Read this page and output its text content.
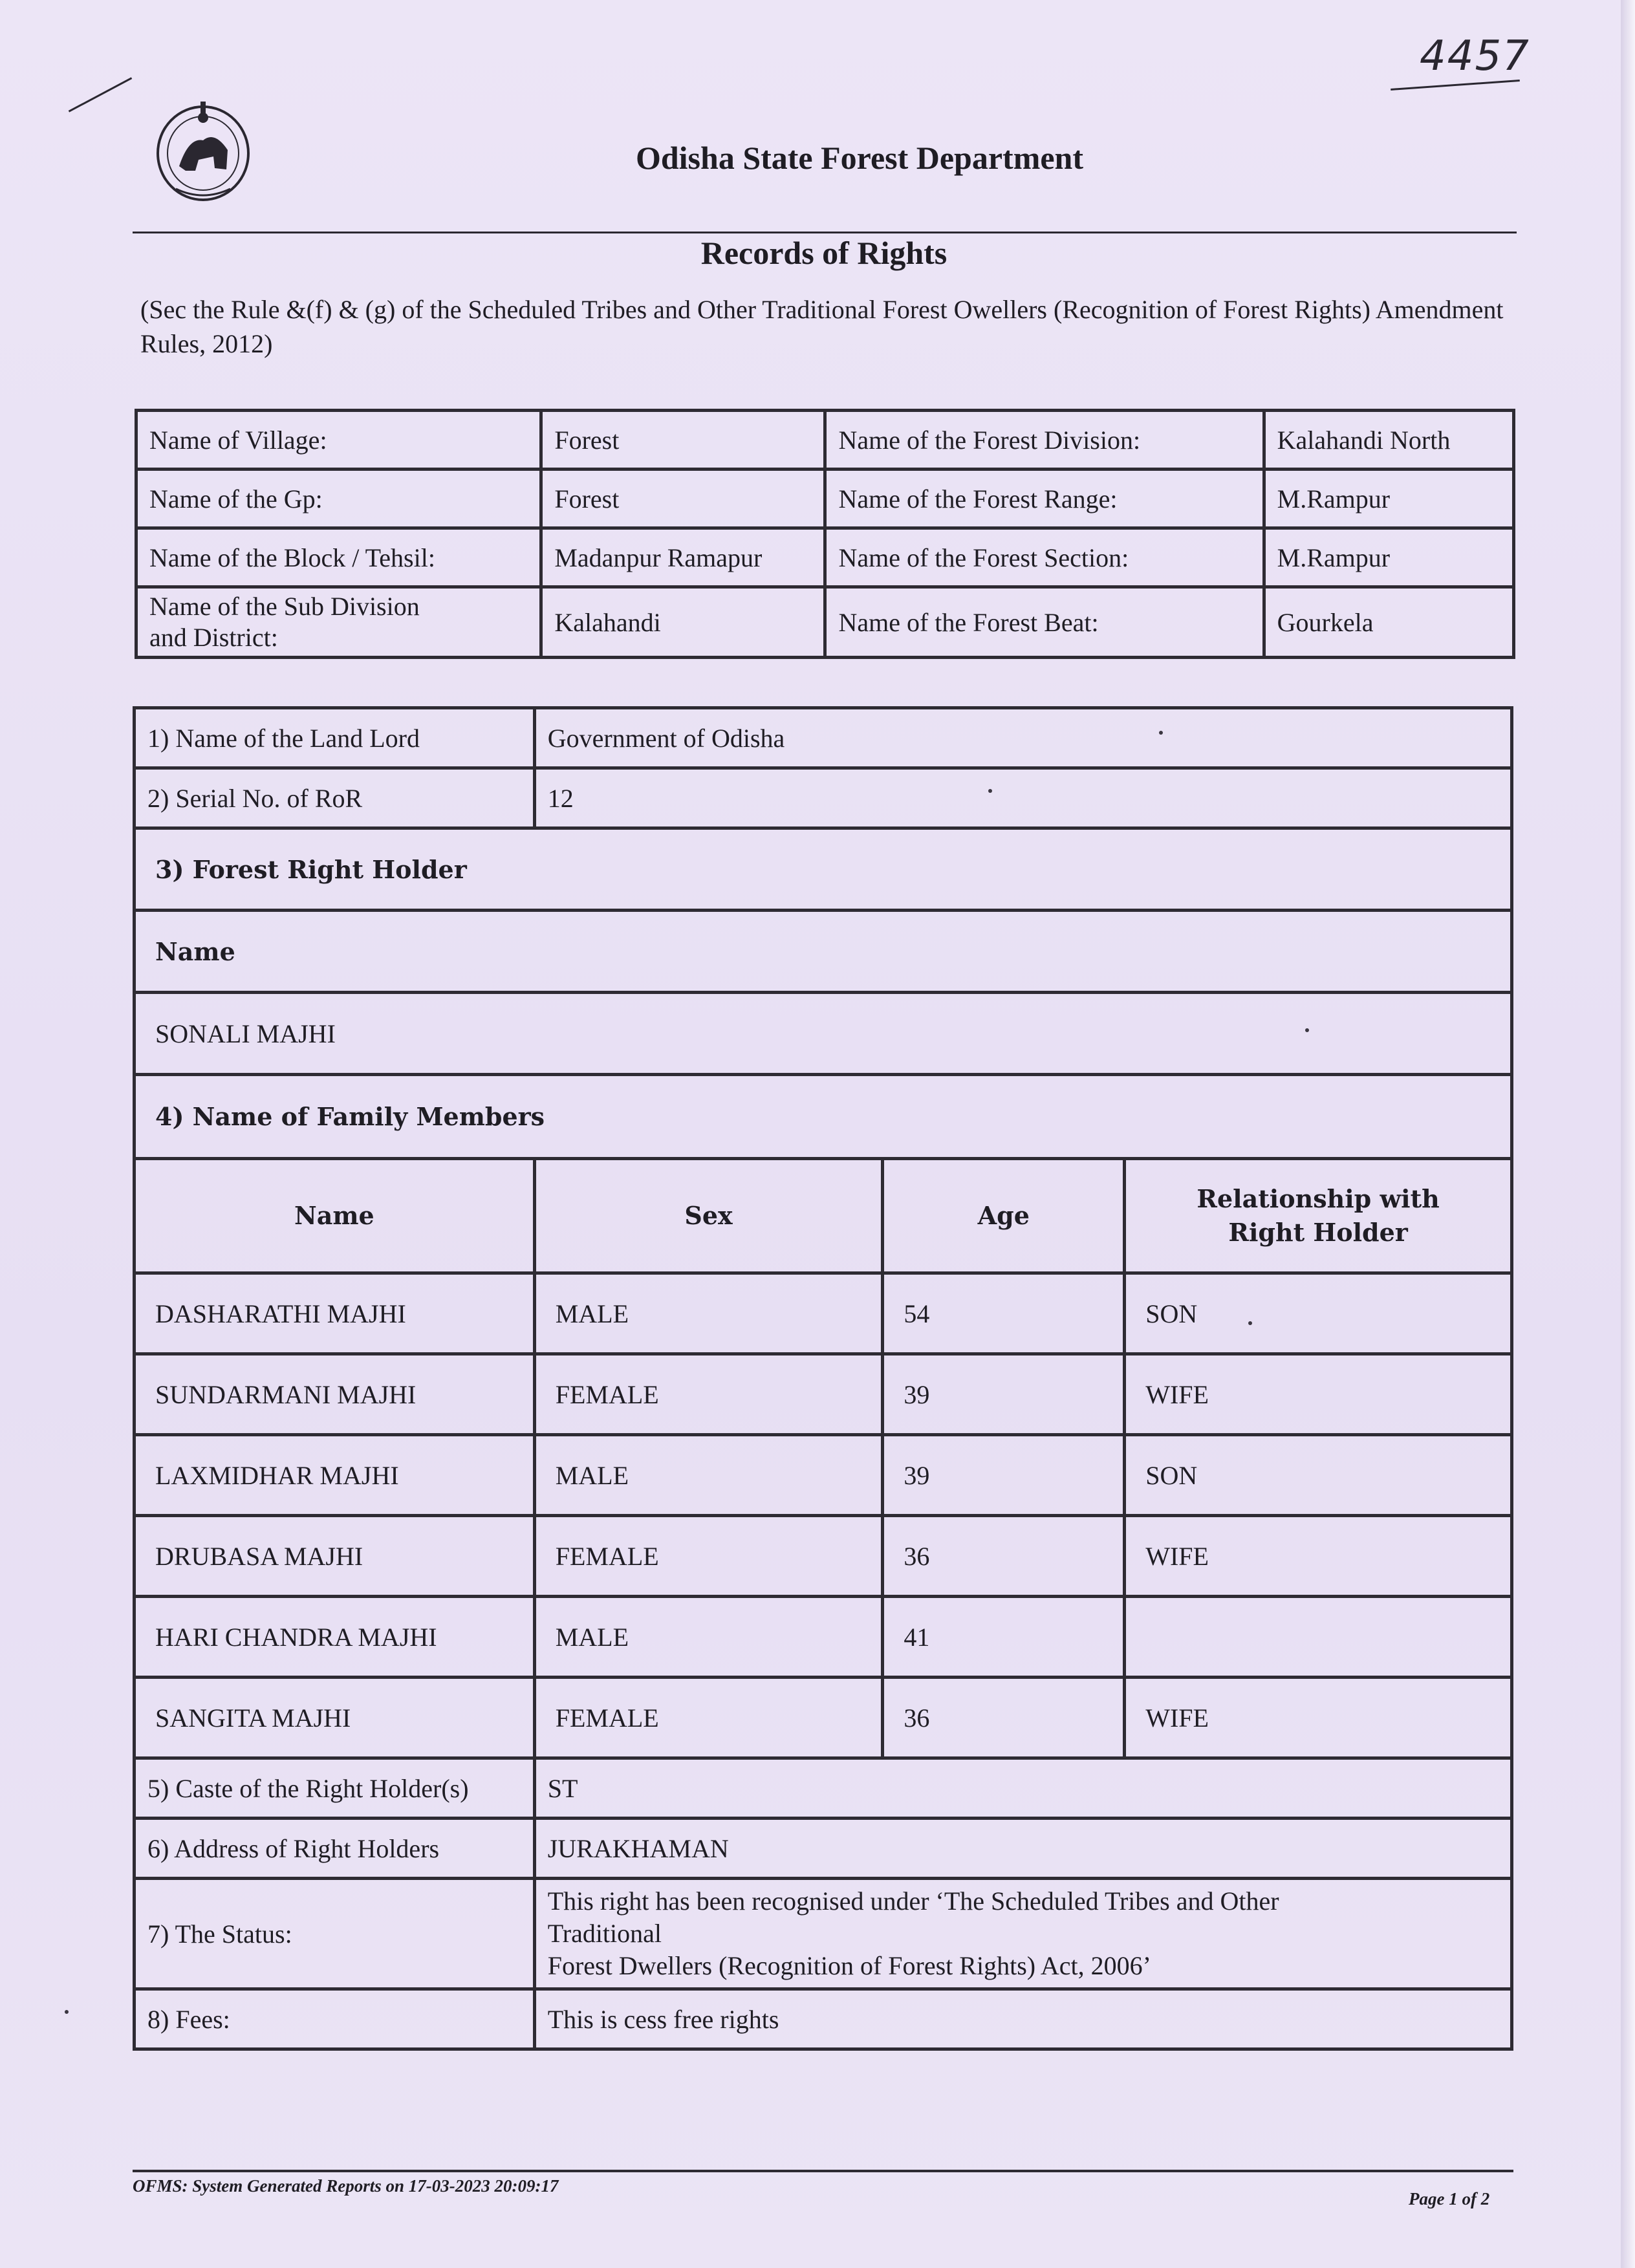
4457
Odisha State Forest Department
Records of Rights
(Sec the Rule &(f) & (g) of the Scheduled Tribes and Other Traditional Forest Owellers (Recognition of Forest Rights) Amendment Rules, 2012)
Name of Village:	Forest	Name of the Forest Division:	Kalahandi North
Name of the Gp:	Forest	Name of the Forest Range:	M.Rampur
Name of the Block / Tehsil:	Madanpur Ramapur	Name of the Forest Section:	M.Rampur
Name of the Sub Division
and District:	Kalahandi	Name of the Forest Beat:	Gourkela
1) Name of the Land Lord	Government of Odisha		
2) Serial No. of RoR	12		
3) Forest Right Holder			
Name			
SONALI MAJHI			
4) Name of Family Members			
Name	Sex	Age	Relationship with
Right Holder
DASHARATHI MAJHI	MALE	54	SON
SUNDARMANI MAJHI	FEMALE	39	WIFE
LAXMIDHAR MAJHI	MALE	39	SON
DRUBASA MAJHI	FEMALE	36	WIFE
HARI CHANDRA MAJHI	MALE	41	
SANGITA MAJHI	FEMALE	36	WIFE
5) Caste of the Right Holder(s)	ST		
6) Address of Right Holders	JURAKHAMAN		
7) The Status:	This right has been recognised under ‘The Scheduled Tribes and Other
Traditional
Forest Dwellers (Recognition of Forest Rights) Act, 2006’		
8) Fees:	This is cess free rights		
OFMS: System Generated Reports on 17-03-2023 20:09:17
Page 1 of 2
